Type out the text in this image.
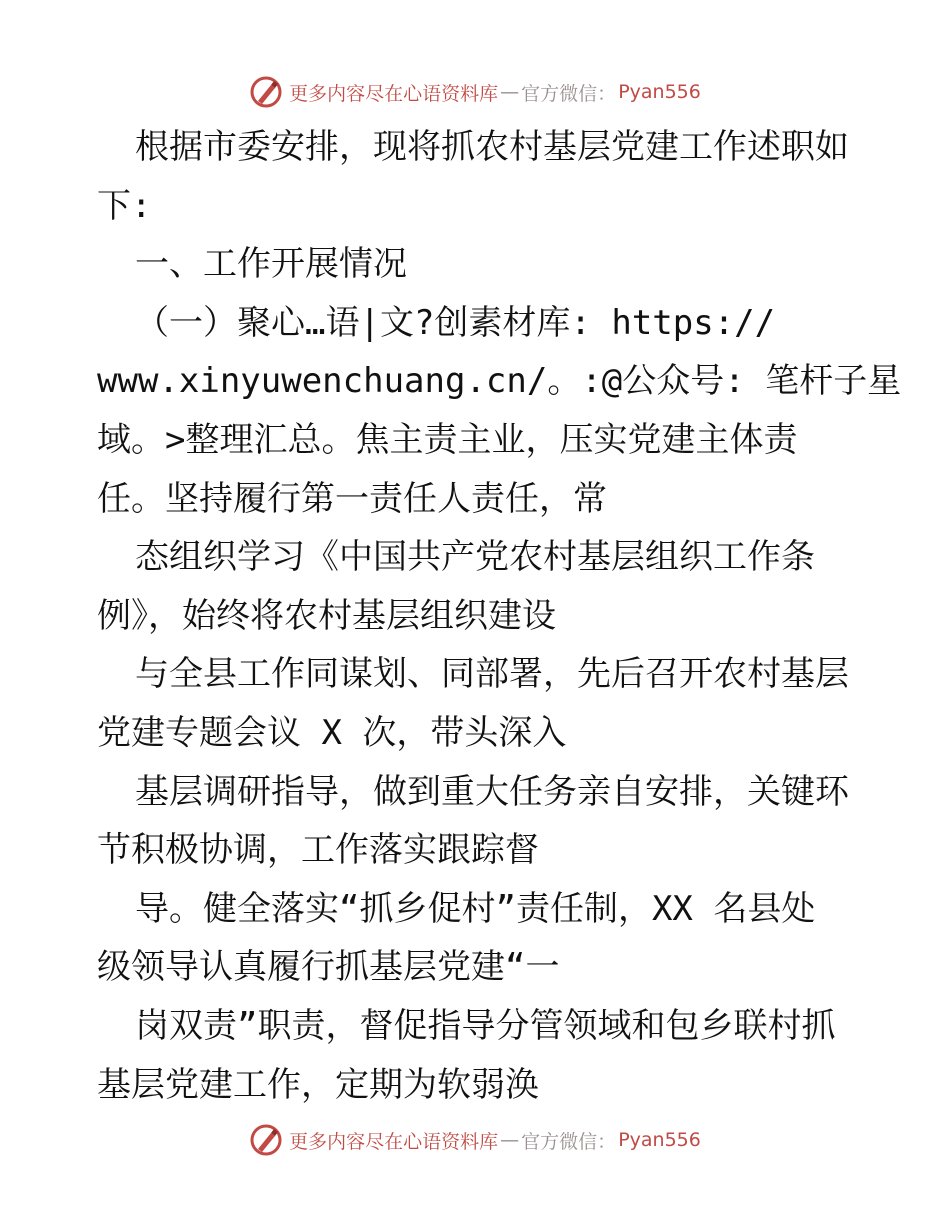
更多内容尽在心语资料库 — 官方微信： Pyan556
根据市委安排，现将抓农村基层党建工作述职如
下:
一、工作开展情况
（一）聚心…语|文?创素材库: https://
www.xinyuwenchuang.cn/。:@公众号: 笔杆子星
域。>整理汇总。焦主责主业，压实党建主体责
任。坚持履行第一责任人责任，常
态组织学习《中国共产党农村基层组织工作条
例》，始终将农村基层组织建设
与全县工作同谋划、同部署，先后召开农村基层
党建专题会议 X 次，带头深入
基层调研指导，做到重大任务亲自安排，关键环
节积极协调，工作落实跟踪督
导。健全落实“抓乡促村”责任制，XX 名县处
级领导认真履行抓基层党建“一
岗双责”职责，督促指导分管领域和包乡联村抓
基层党建工作，定期为软弱涣
更多内容尽在心语资料库 — 官方微信： Pyan556
